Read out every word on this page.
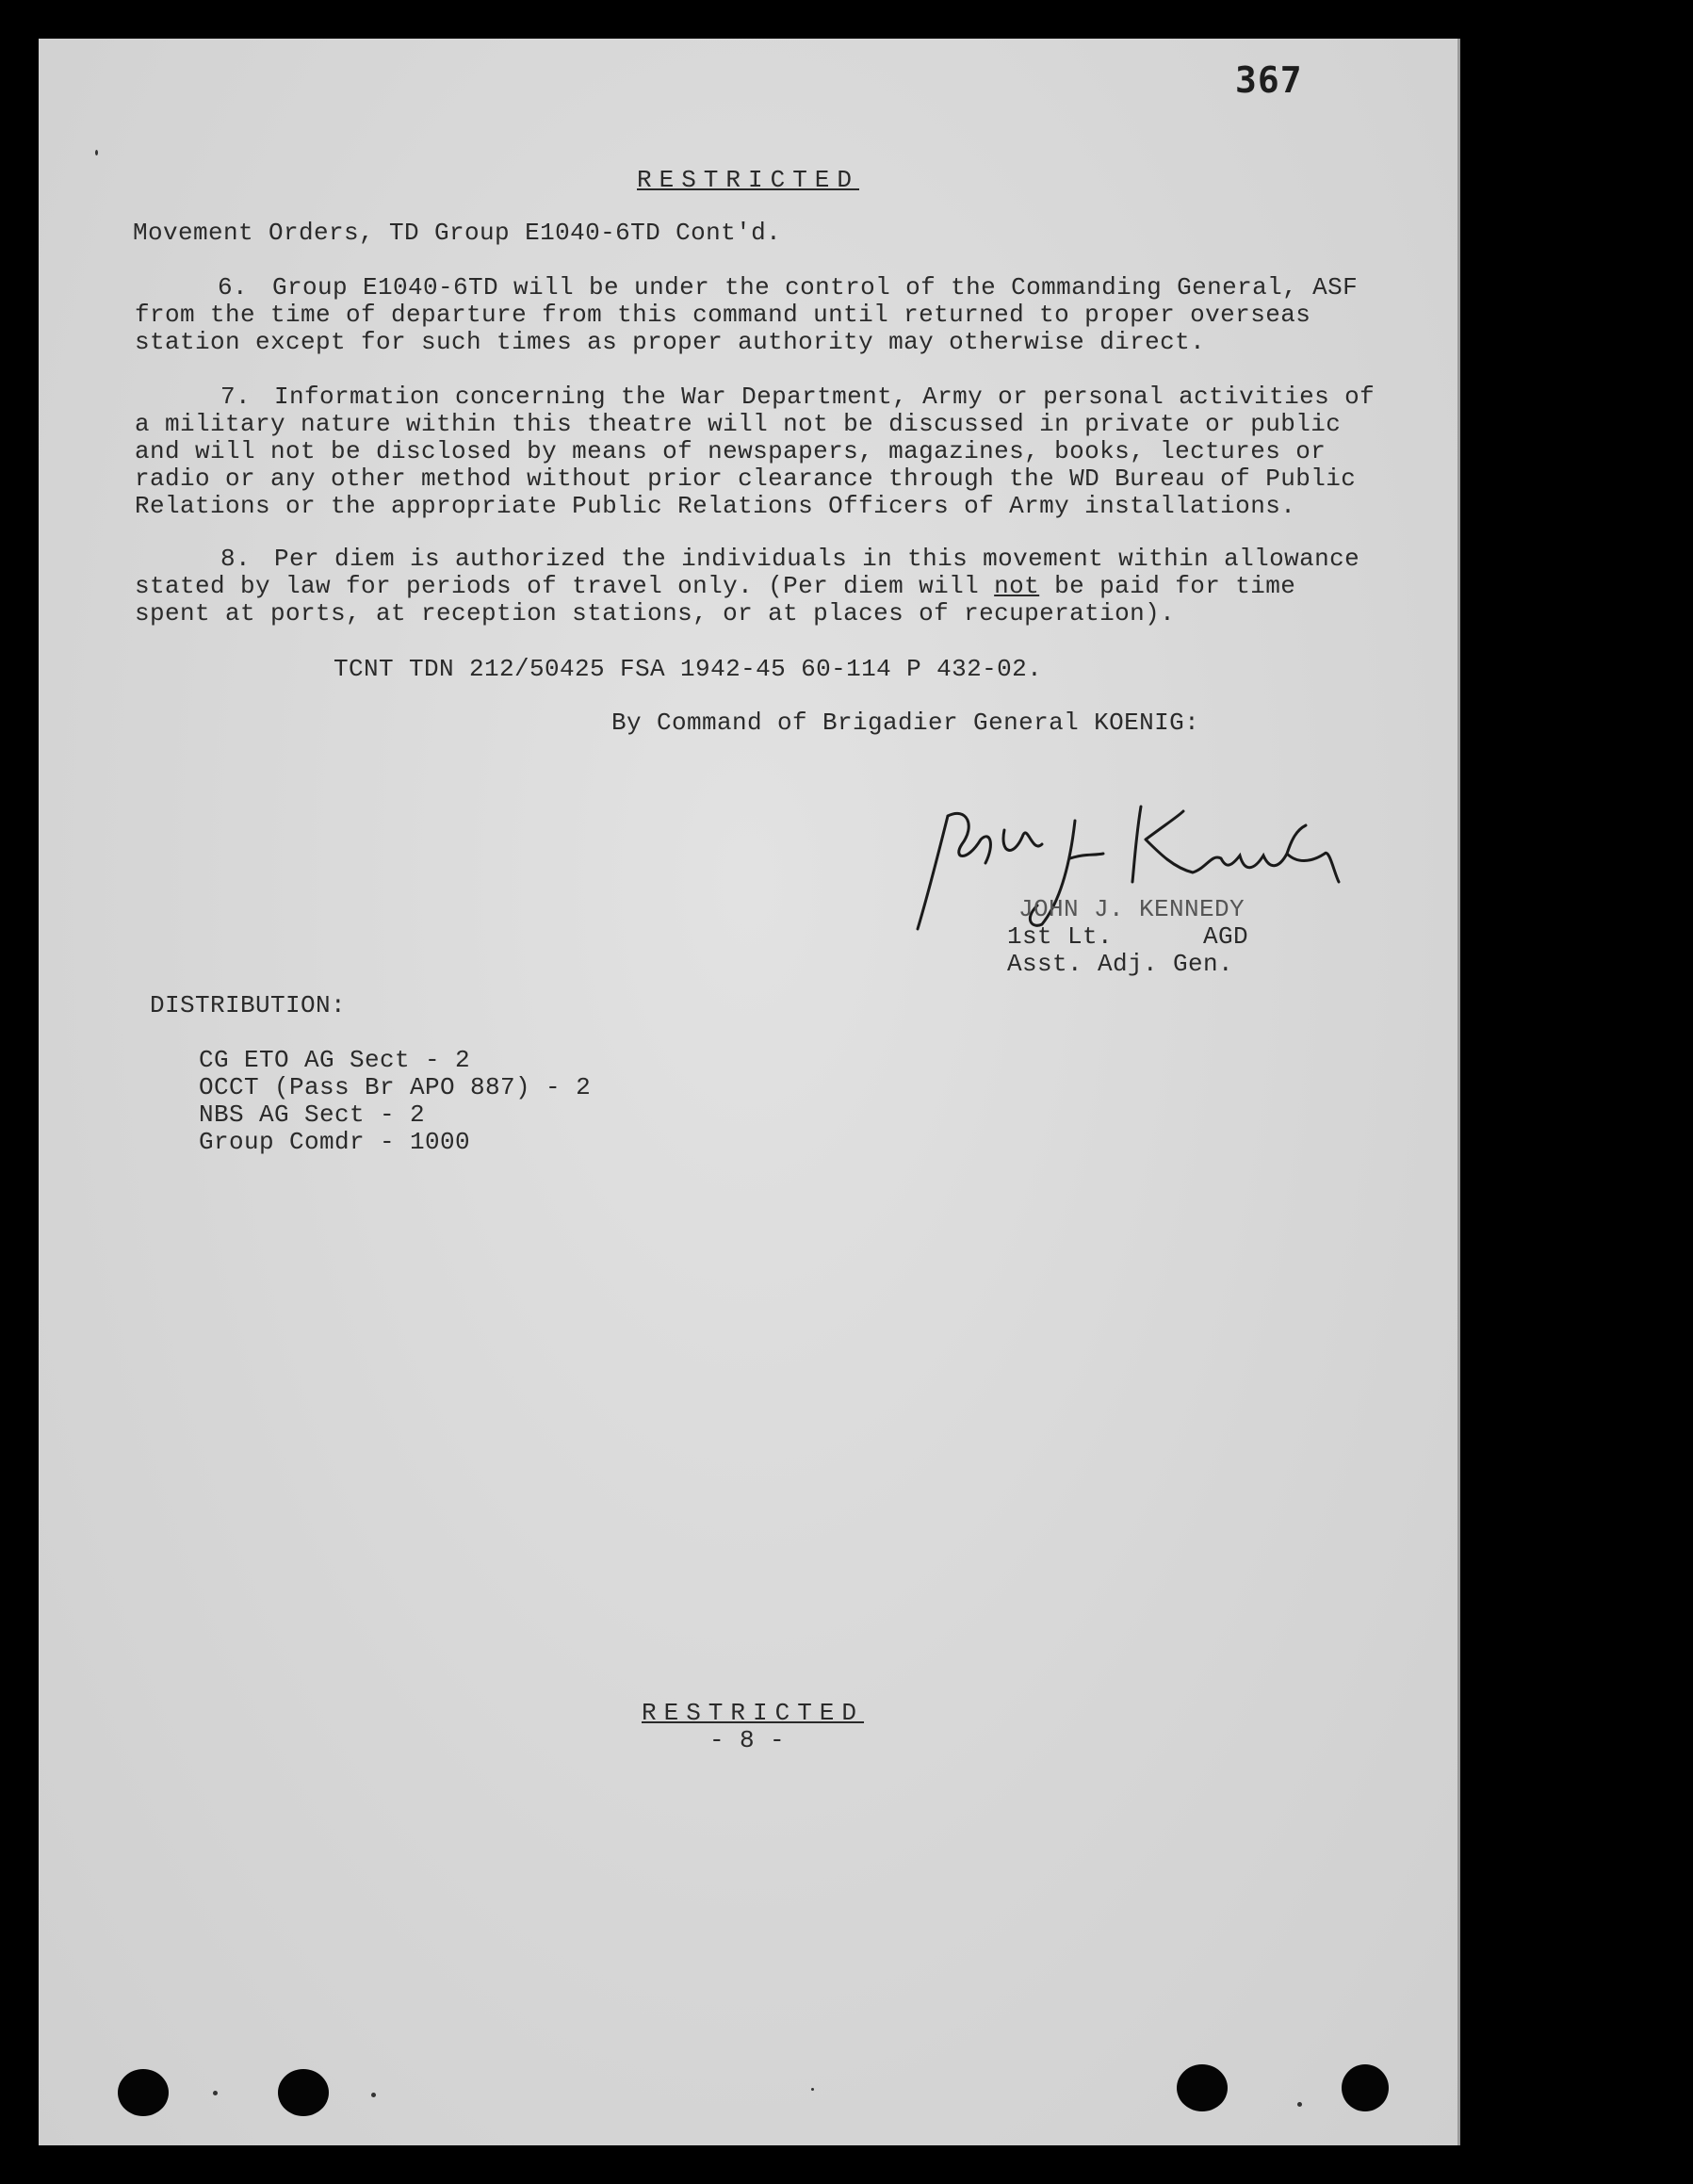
367
RESTRICTED
Movement Orders, TD Group E1040-6TD Cont'd.
6. Group E1040-6TD will be under the control of the Commanding General, ASF
from the time of departure from this command until returned to proper overseas
station except for such times as proper authority may otherwise direct.
7. Information concerning the War Department, Army or personal activities of
a military nature within this theatre will not be discussed in private or public
and will not be disclosed by means of newspapers, magazines, books, lectures or
radio or any other method without prior clearance through the WD Bureau of Public
Relations or the appropriate Public Relations Officers of Army installations.
8. Per diem is authorized the individuals in this movement within allowance
stated by law for periods of travel only. (Per diem will not be paid for time
spent at ports, at reception stations, or at places of recuperation).
TCNT TDN 212/50425 FSA 1942-45 60-114 P 432-02.
By Command of Brigadier General KOENIG:
JOHN J. KENNEDY
1st Lt.      AGD
Asst. Adj. Gen.
DISTRIBUTION:
CG ETO AG Sect - 2
OCCT (Pass Br APO 887) - 2
NBS AG Sect - 2
Group Comdr - 1000
RESTRICTED
- 8 -
